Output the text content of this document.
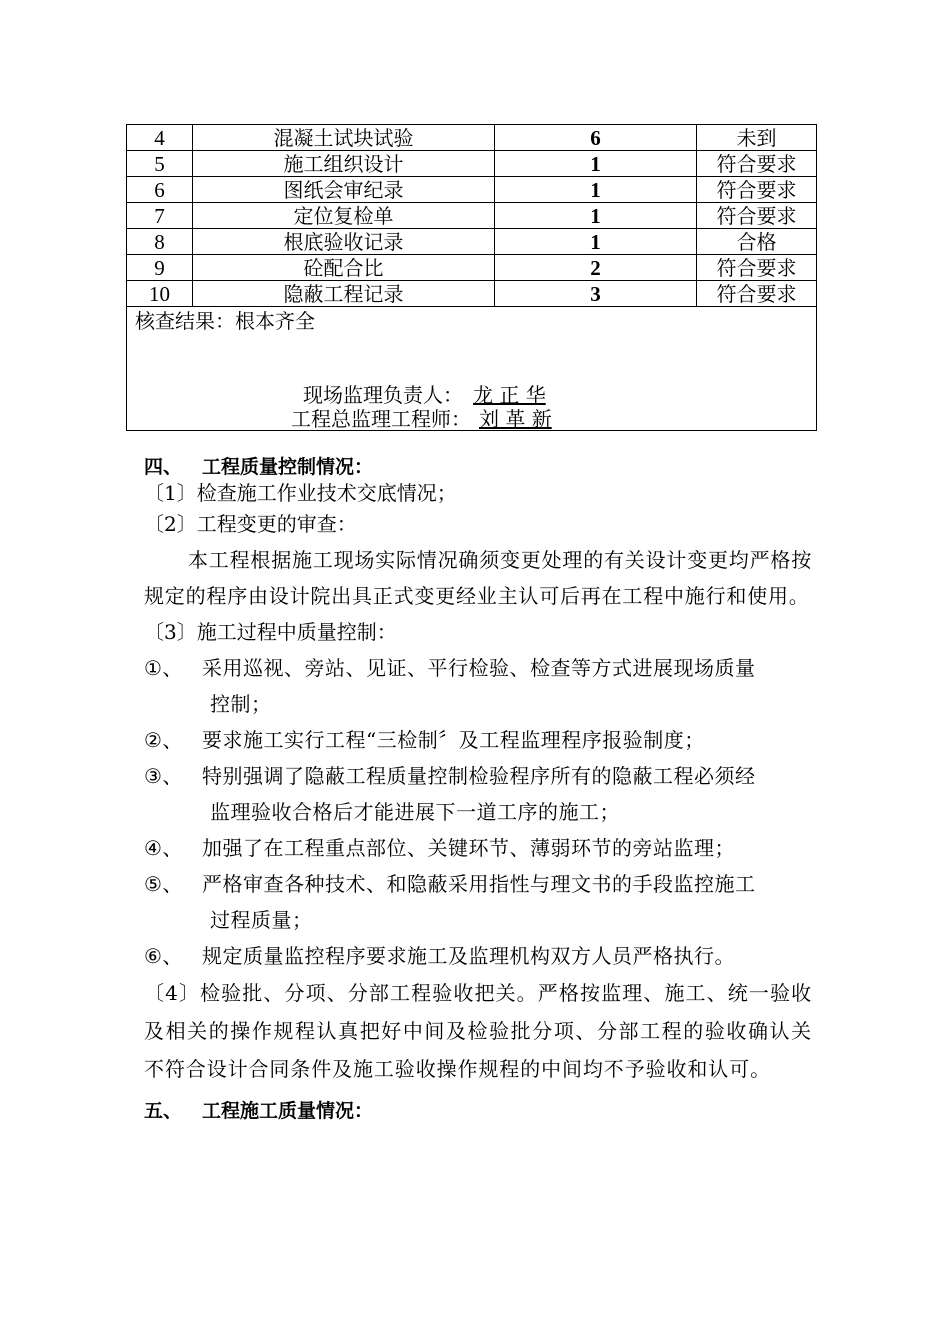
4	混凝土试块试验	6	未到
5	施工组织设计	1	符合要求
6	图纸会审纪录	1	符合要求
7	定位复检单	1	符合要求
8	根底验收记录	1	合格
9	砼配合比	2	符合要求
10	隐蔽工程记录	3	符合要求

核查结果：根本齐全
现场监理负责人： 龙 正 华
工程总监理工程师： 刘 革 新			
四、 工程质量控制情况：
〔1〕检查施工作业技术交底情况；
〔2〕工程变更的审查：
本工程根据施工现场实际情况确须变更处理的有关设计变更均严格按规定的程序由设计院出具正式变更经业主认可后再在工程中施行和使用。
〔3〕施工过程中质量控制：
①、 采用巡视、旁站、见证、平行检验、检查等方式进展现场质量
控制；
②、 要求施工实行工程“三检制〞及工程监理程序报验制度；
③、 特别强调了隐蔽工程质量控制检验程序所有的隐蔽工程必须经
监理验收合格后才能进展下一道工序的施工；
④、 加强了在工程重点部位、关键环节、薄弱环节的旁站监理；
⑤、 严格审查各种技术、和隐蔽采用指性与理文书的手段监控施工
过程质量；
⑥、 规定质量监控程序要求施工及监理机构双方人员严格执行。
〔4〕检验批、分项、分部工程验收把关。严格按监理、施工、统一验收及相关的操作规程认真把好中间及检验批分项、分部工程的验收确认关不符合设计合同条件及施工验收操作规程的中间均不予验收和认可。
五、 工程施工质量情况：
